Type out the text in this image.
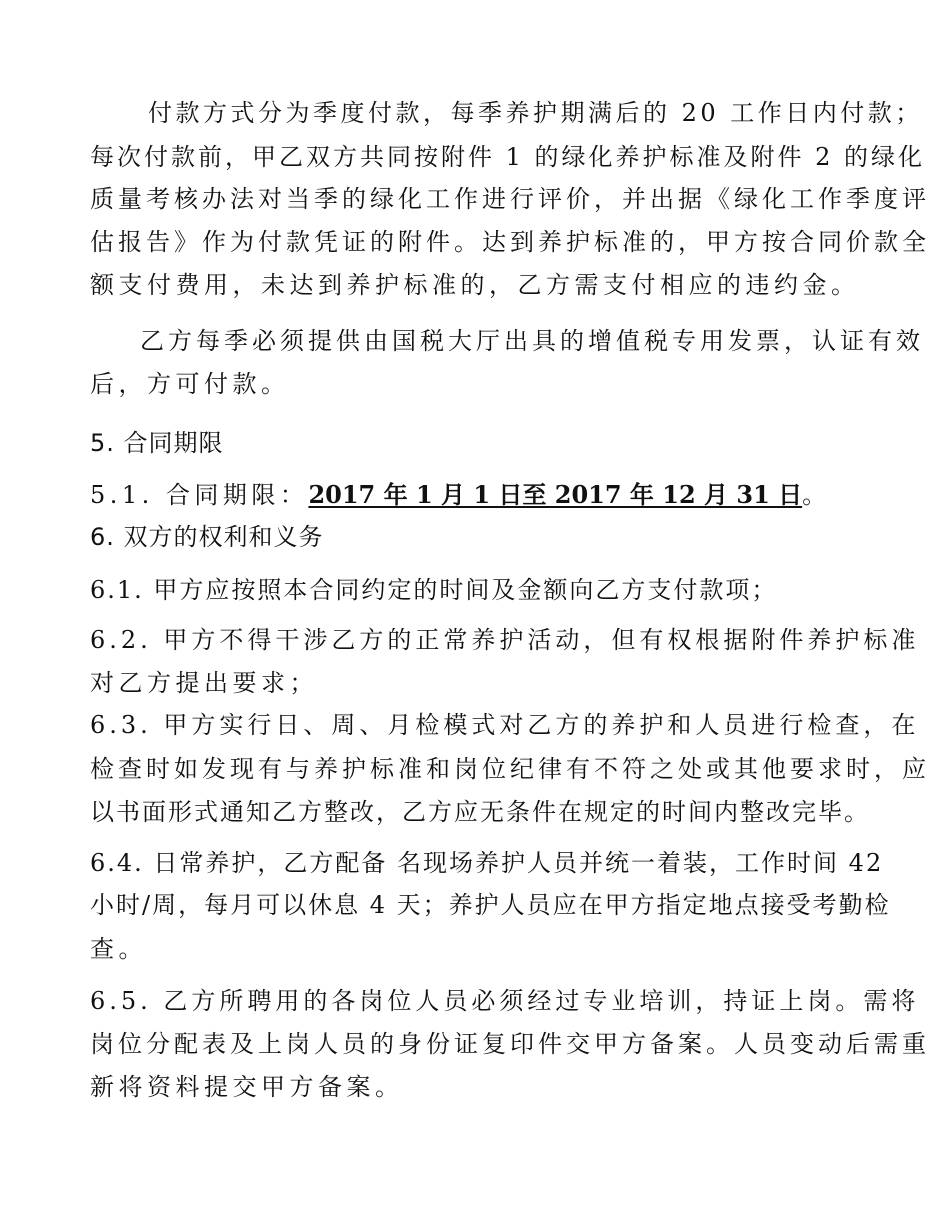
付款方式分为季度付款，每季养护期满后的 20 工作日内付款；
每次付款前，甲乙双方共同按附件 1 的绿化养护标准及附件 2 的绿化
质量考核办法对当季的绿化工作进行评价，并出据《绿化工作季度评
估报告》作为付款凭证的附件。达到养护标准的，甲方按合同价款全
额支付费用，未达到养护标准的，乙方需支付相应的违约金。
乙方每季必须提供由国税大厅出具的增值税专用发票，认证有效
后，方可付款。
5. 合同期限
5.1. 合同期限：2017 年 1 月 1 日至 2017 年 12 月 31 日。
6. 双方的权利和义务
6.1. 甲方应按照本合同约定的时间及金额向乙方支付款项；
6.2. 甲方不得干涉乙方的正常养护活动，但有权根据附件养护标准
对乙方提出要求；
6.3. 甲方实行日、周、月检模式对乙方的养护和人员进行检查，在
检查时如发现有与养护标准和岗位纪律有不符之处或其他要求时，应
以书面形式通知乙方整改，乙方应无条件在规定的时间内整改完毕。
6.4. 日常养护，乙方配备 名现场养护人员并统一着装，工作时间 42
小时/周，每月可以休息 4 天；养护人员应在甲方指定地点接受考勤检
查。
6.5. 乙方所聘用的各岗位人员必须经过专业培训，持证上岗。需将
岗位分配表及上岗人员的身份证复印件交甲方备案。人员变动后需重
新将资料提交甲方备案。
